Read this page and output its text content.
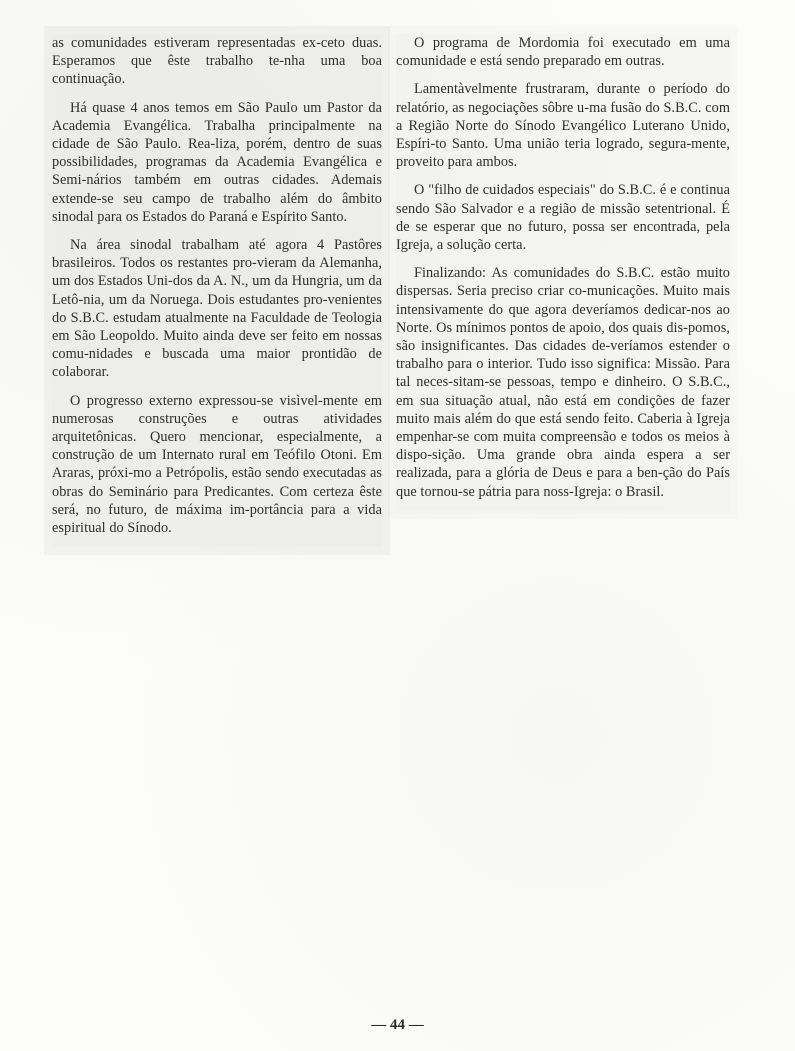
as comunidades estiveram representadas ex-ceto duas. Esperamos que êste trabalho te-nha uma boa continuação.

Há quase 4 anos temos em São Paulo um Pastor da Academia Evangélica. Trabalha principalmente na cidade de São Paulo. Rea-liza, porém, dentro de suas possibilidades, programas da Academia Evangélica e Semi-nários também em outras cidades. Ademais extende-se seu campo de trabalho além do âmbito sinodal para os Estados do Paraná e Espírito Santo.

Na área sinodal trabalham até agora 4 Pastôres brasileiros. Todos os restantes pro-vieram da Alemanha, um dos Estados Uni-dos da A. N., um da Hungria, um da Letô-nia, um da Noruega. Dois estudantes pro-venientes do S.B.C. estudam atualmente na Faculdade de Teologia em São Leopoldo. Muito ainda deve ser feito em nossas comu-nidades e buscada uma maior prontidão de colaborar.

O progresso externo expressou-se visìvel-mente em numerosas construções e outras atividades arquitetônicas. Quero mencionar, especialmente, a construção de um Internato rural em Teófilo Otoni. Em Araras, próxi-mo a Petrópolis, estão sendo executadas as obras do Seminário para Predicantes. Com certeza êste será, no futuro, de máxima im-portância para a vida espiritual do Sínodo.

O programa de Mordomia foi executado em uma comunidade e está sendo preparado em outras.

Lamentàvelmente frustraram, durante o período do relatório, as negociações sôbre u-ma fusão do S.B.C. com a Região Norte do Sínodo Evangélico Luterano Unido, Espíri-to Santo. Uma união teria logrado, segura-mente, proveito para ambos.

O "filho de cuidados especiais" do S.B.C. é e continua sendo São Salvador e a região de missão setentrional. É de se esperar que no futuro, possa ser encontrada, pela Igreja, a solução certa.

Finalizando: As comunidades do S.B.C. estão muito dispersas. Seria preciso criar co-municações. Muito mais intensivamente do que agora deveríamos dedicar-nos ao Norte. Os mínimos pontos de apoio, dos quais dis-pomos, são insignificantes. Das cidades de-veríamos estender o trabalho para o interior. Tudo isso significa: Missão. Para tal neces-sitam-se pessoas, tempo e dinheiro. O S.B.C., em sua situação atual, não está em condições de fazer muito mais além do que está sendo feito. Caberia à Igreja empenhar-se com muita compreensão e todos os meios à dispo-sição. Uma grande obra ainda espera a ser realizada, para a glória de Deus e para a ben-ção do País que tornou-se pátria para noss-Igreja: o Brasil.

— 44 —
